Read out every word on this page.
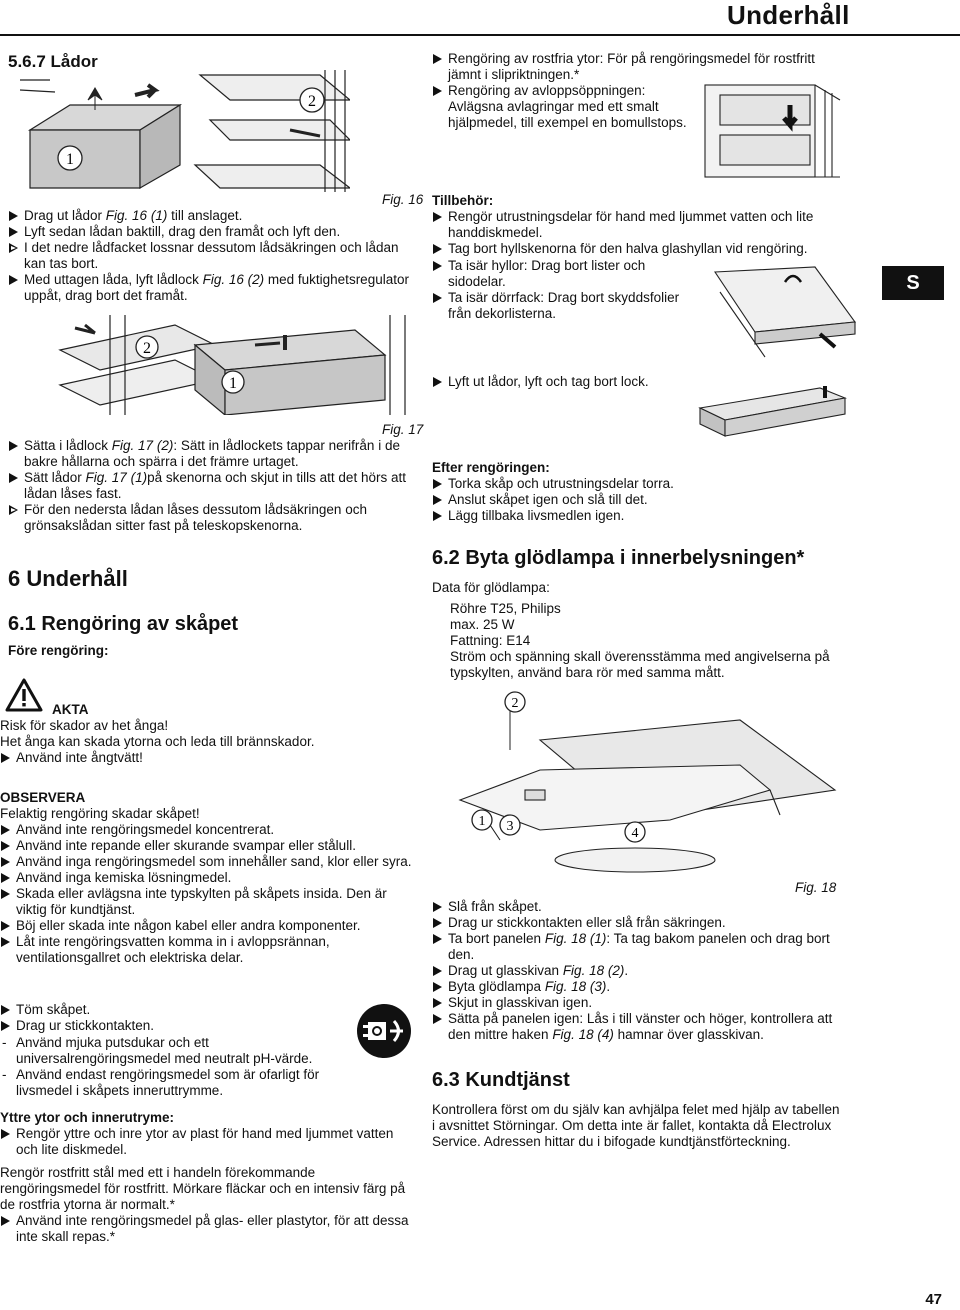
Underhåll
S
5.6.7 Lådor
1
2
Fig. 16
Drag ut lådor Fig. 16 (1) till anslaget.
Lyft sedan lådan baktill, drag den framåt och lyft den.
I det nedre lådfacket lossnar dessutom lådsäkringen och lådan kan tas bort.
Med uttagen låda, lyft lådlock Fig. 16 (2) med fuktighetsregulator uppåt, drag bort det framåt.
2
1
Fig. 17
Sätta i lådlock Fig. 17 (2): Sätt in lådlockets tappar nerifrån i de bakre hållarna och spärra i det främre urtaget.
Sätt lådor Fig. 17 (1)på skenorna och skjut in tills att det hörs att lådan låses fast.
För den nedersta lådan låses dessutom lådsäkringen och grönsakslådan sitter fast på teleskopskenorna.
6 Underhåll
6.1 Rengöring av skåpet
Före rengöring:
AKTA
Risk för skador av het ånga!
Het ånga kan skada ytorna och leda till brännskador.
Använd inte ångtvätt!
OBSERVERA
Felaktig rengöring skadar skåpet!
Använd inte rengöringsmedel koncentrerat.
Använd inte repande eller skurande svampar eller stålull.
Använd inga rengöringsmedel som innehåller sand, klor eller syra.
Använd inga kemiska lösningmedel.
Skada eller avlägsna inte typskylten på skåpets insida. Den är viktig för kundtjänst.
Böj eller skada inte någon kabel eller andra komponenter.
Låt inte rengöringsvatten komma in i avloppsrännan, ventilationsgallret och elektriska delar.
Töm skåpet.
Drag ur stickkontakten.
- Använd mjuka putsdukar och ett universalrengöringsmedel med neutralt pH-värde.
- Använd endast rengöringsmedel som är ofarligt för livsmedel i skåpets inneruttrymme.
Yttre ytor och innerutryme:
Rengör yttre och inre ytor av plast för hand med ljummet vatten och lite diskmedel.
Rengör rostfritt stål med ett i handeln förekommande rengöringsmedel för rostfritt. Mörkare fläckar och en intensiv färg på de rostfria ytorna är normalt.*
Använd inte rengöringsmedel på glas- eller plastytor, för att dessa inte skall repas.*
Rengöring av rostfria ytor: För på rengöringsmedel för rostfritt jämnt i slipriktningen.*
Rengöring av avloppsöppningen: Avlägsna avlagringar med ett smalt hjälpmedel, till exempel en bomullstops.
Tillbehör:
Rengör utrustningsdelar för hand med ljummet vatten och lite handdiskmedel.
Tag bort hyllskenorna för den halva glashyllan vid rengöring.
Ta isär hyllor: Drag bort lister och sidodelar.
Ta isär dörrfack: Drag bort skyddsfolier från dekorlisterna.
Lyft ut lådor, lyft och tag bort lock.
Efter rengöringen:
Torka skåp och utrustningsdelar torra.
Anslut skåpet igen och slå till det.
Lägg tillbaka livsmedlen igen.
6.2 Byta glödlampa i innerbelysningen*
Data för glödlampa:
Röhre T25, Philips
max. 25 W
Fattning: E14
Ström och spänning skall överensstämma med angivelserna på typskylten, använd bara rör med samma mått.
2
1 3	4
Fig. 18
Slå från skåpet.
Drag ur stickkontakten eller slå från säkringen.
Ta bort panelen Fig. 18 (1): Ta tag bakom panelen och drag bort den.
Drag ut glasskivan Fig. 18 (2).
Byta glödlampa Fig. 18 (3).
Skjut in glasskivan igen.
Sätta på panelen igen: Lås i till vänster och höger, kontrollera att den mittre haken Fig. 18 (4) hamnar över glasskivan.
6.3 Kundtjänst
Kontrollera först om du själv kan avhjälpa felet med hjälp av tabellen i avsnittet Störningar. Om detta inte är fallet, kontakta då Electrolux Service. Adressen hittar du i bifogade kundtjänstförteckning.
47
